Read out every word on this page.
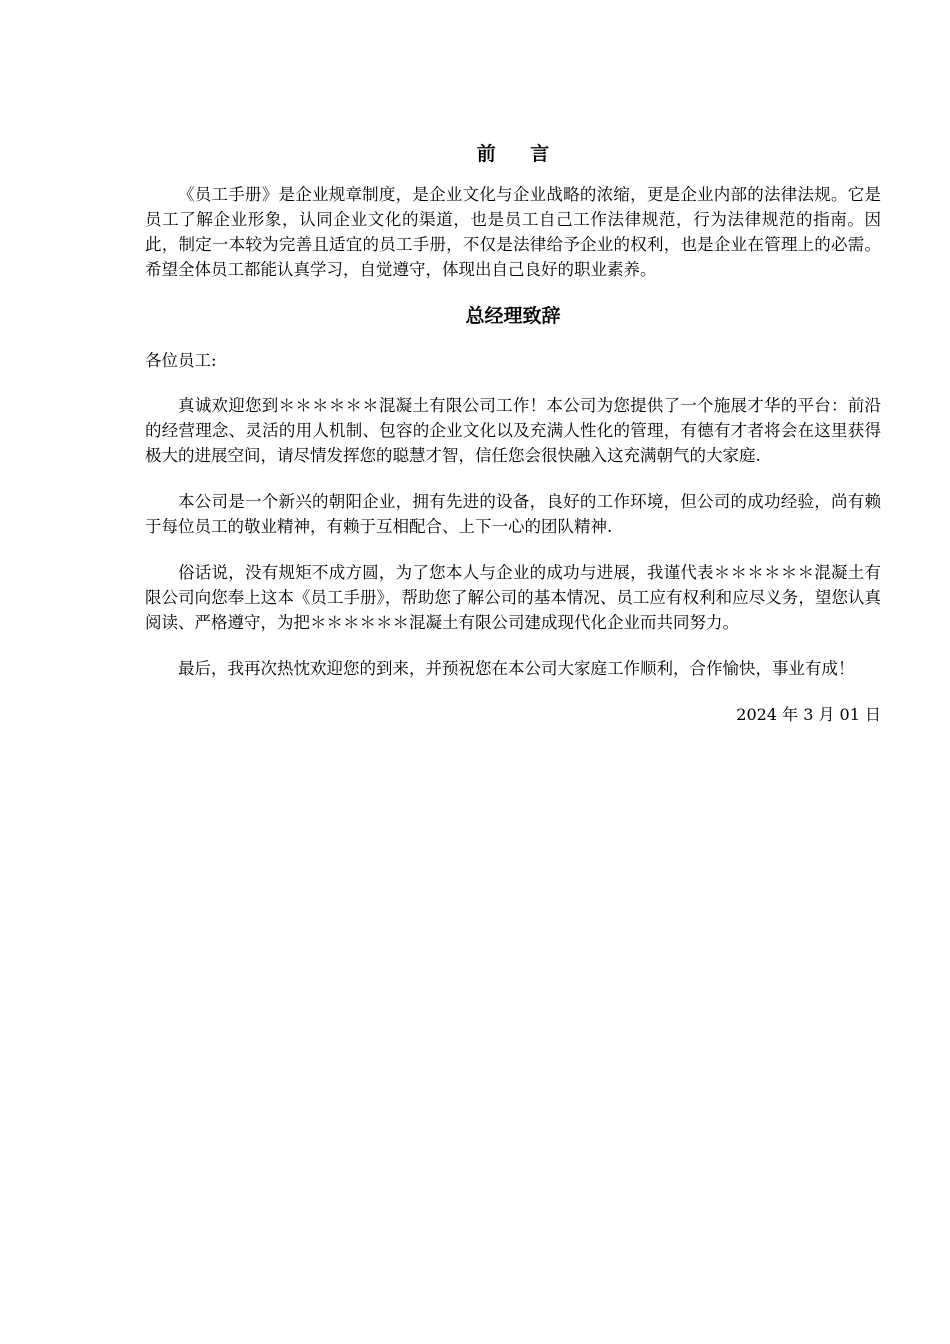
前 言

《员工手册》是企业规章制度，是企业文化与企业战略的浓缩，更是企业内部的法律法规。它是员工了解企业形象，认同企业文化的渠道，也是员工自己工作法律规范，行为法律规范的指南。因此，制定一本较为完善且适宜的员工手册，不仅是法律给予企业的权利，也是企业在管理上的必需。希望全体员工都能认真学习，自觉遵守，体现出自己良好的职业素养。

总经理致辞

各位员工:

真诚欢迎您到＊＊＊＊＊＊混凝土有限公司工作！本公司为您提供了一个施展才华的平台：前沿的经营理念、灵活的用人机制、包容的企业文化以及充满人性化的管理，有德有才者将会在这里获得极大的进展空间，请尽情发挥您的聪慧才智，信任您会很快融入这充满朝气的大家庭.

本公司是一个新兴的朝阳企业，拥有先进的设备，良好的工作环境，但公司的成功经验，尚有赖于每位员工的敬业精神，有赖于互相配合、上下一心的团队精神.

俗话说，没有规矩不成方圆，为了您本人与企业的成功与进展，我谨代表＊＊＊＊＊＊混凝土有限公司向您奉上这本《员工手册》，帮助您了解公司的基本情况、员工应有权利和应尽义务，望您认真阅读、严格遵守，为把＊＊＊＊＊＊混凝土有限公司建成现代化企业而共同努力。

最后，我再次热忱欢迎您的到来，并预祝您在本公司大家庭工作顺利，合作愉快，事业有成！

2024 年 3 月 01 日
